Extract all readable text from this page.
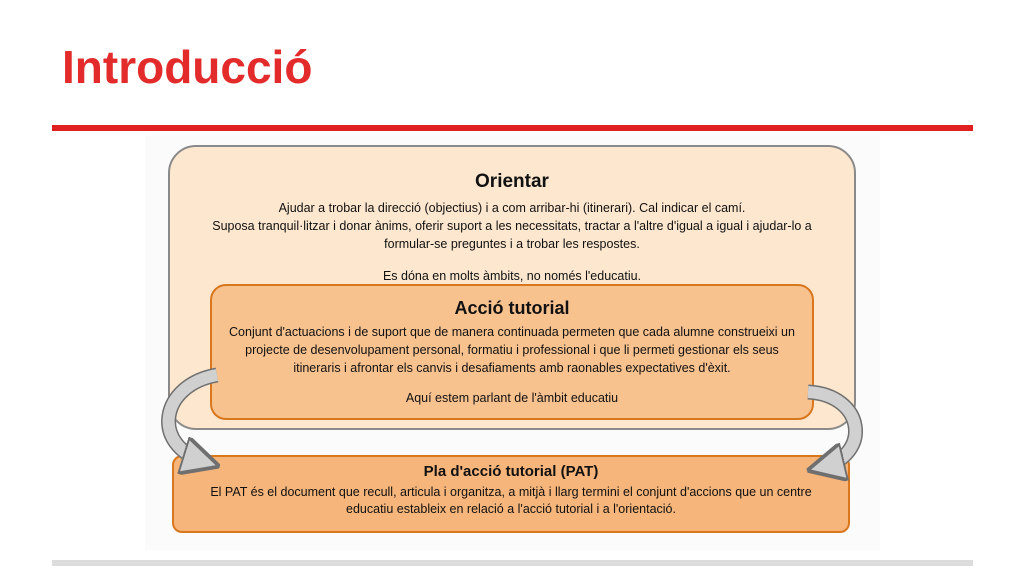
Introducció

Orientar

Ajudar a trobar la direcció (objectius) i a com arribar-hi (itinerari). Cal indicar el camí.

Suposa tranquil·litzar i donar ànims, oferir suport a les necessitats, tractar a l'altre d'igual a igual i ajudar-lo a formular-se preguntes i a trobar les respostes.

Es dóna en molts àmbits, no només l'educatiu.

Acció tutorial

Conjunt d'actuacions i de suport que de manera continuada permeten que cada alumne construeixi un projecte de desenvolupament personal, formatiu i professional i que li permeti gestionar els seus itineraris i afrontar els canvis i desafiaments amb raonables expectatives d'èxit.

Aquí estem parlant de l'àmbit educatiu

Pla d'acció tutorial (PAT)

El PAT és el document que recull, articula i organitza, a mitjà i llarg termini el conjunt d'accions que un centre educatiu estableix en relació a l'acció tutorial i a l'orientació.
